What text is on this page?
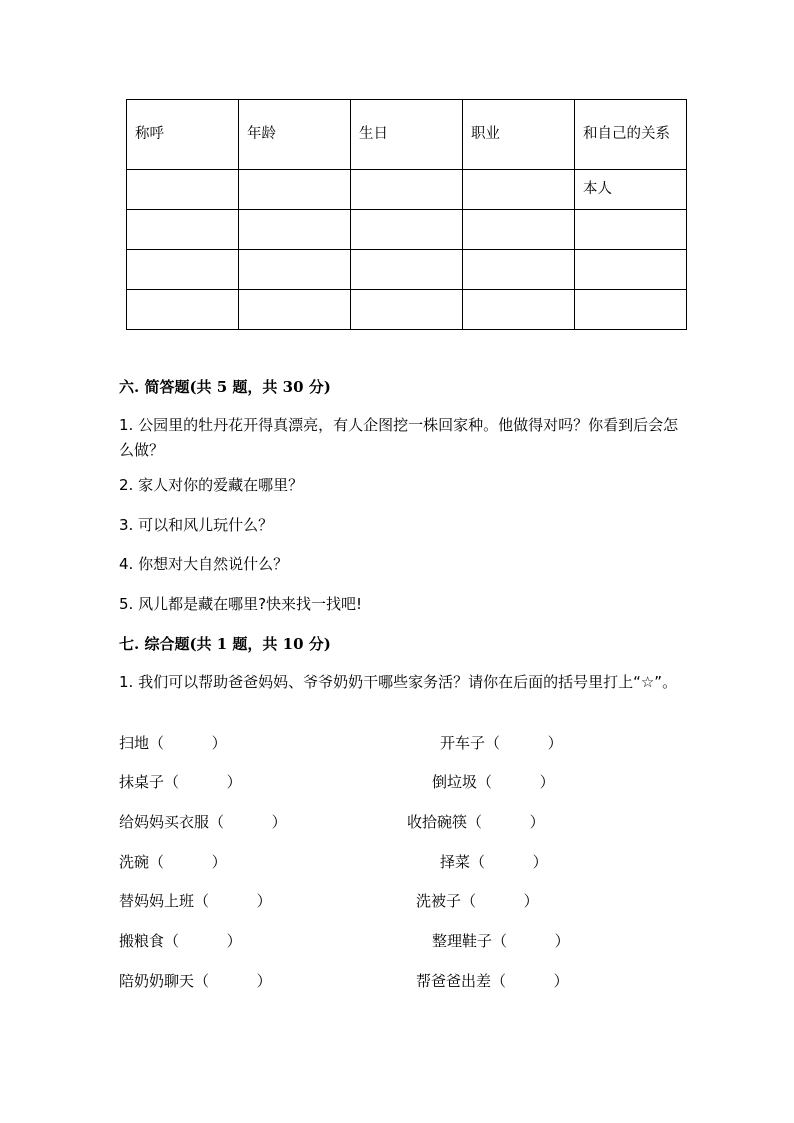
称呼	年龄	生日	职业	和自己的关系
				本人

六. 简答题(共 5 题，共 30 分)
1. 公园里的牡丹花开得真漂亮，有人企图挖一株回家种。他做得对吗？你看到后会怎么做？
2. 家人对你的爱藏在哪里？
3. 可以和风儿玩什么？
4. 你想对大自然说什么？
5. 风儿都是藏在哪里?快来找一找吧!
七. 综合题(共 1 题，共 10 分)
1. 我们可以帮助爸爸妈妈、爷爷奶奶干哪些家务活？请你在后面的括号里打上“☆”。
扫地（          ）
抹桌子（          ）
给妈妈买衣服（          ）
洗碗（          ）
替妈妈上班（          ）
搬粮食（          ）
陪奶奶聊天（          ）
开车子（          ）
倒垃圾（          ）
收拾碗筷（          ）
择菜（          ）
洗被子（          ）
整理鞋子（          ）
帮爸爸出差（          ）
